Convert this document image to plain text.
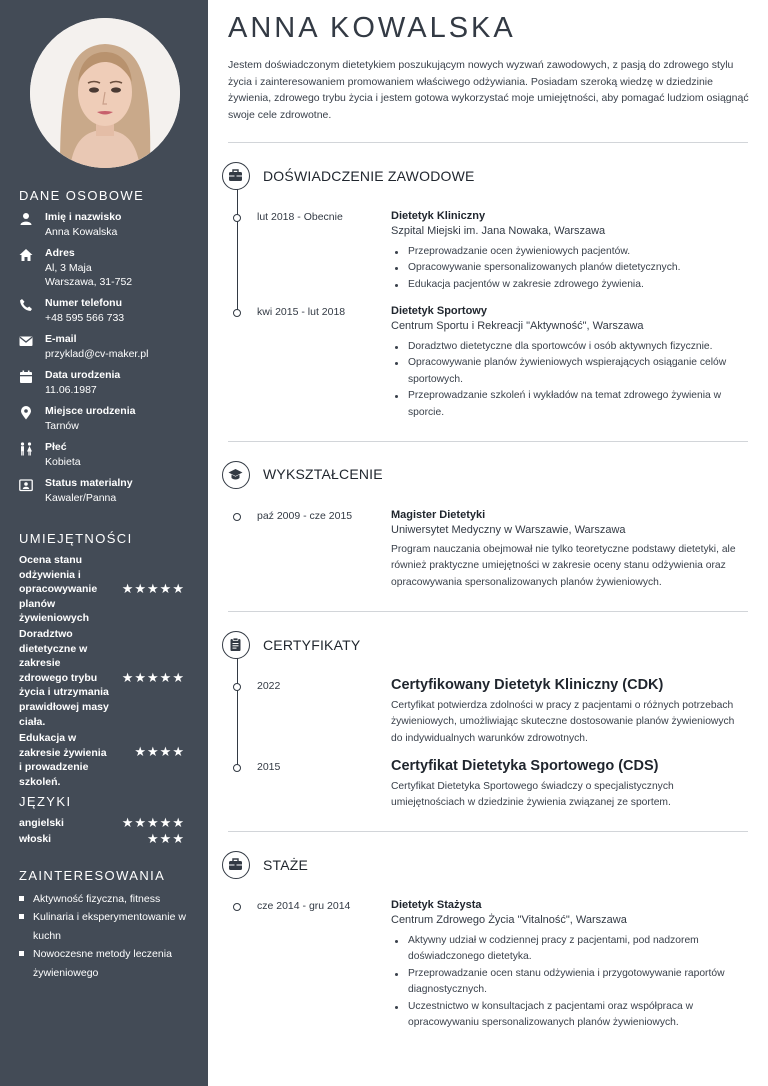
DANE OSOBOWE
Imię i nazwisko
Anna Kowalska
Adres
Al, 3 Maja
Warszawa, 31-752
Numer telefonu
+48 595 566 733
E-mail
przyklad@cv-maker.pl
Data urodzenia
11.06.1987
Miejsce urodzenia
Tarnów
Płeć
Kobieta
Status materialny
Kawaler/Panna
UMIEJĘTNOŚCI
Ocena stanu odżywienia i opracowywanie planów żywieniowych
★★★★★
Doradztwo dietetyczne w zakresie zdrowego trybu życia i utrzymania prawidłowej masy ciała.
★★★★★
Edukacja w zakresie żywienia i prowadzenie szkoleń.
★★★★
JĘZYKI
angielski	★★★★★
włoski	★★★
ZAINTERESOWANIA
Aktywność fizyczna, fitness
Kulinaria i eksperymentowanie w kuchn
Nowoczesne metody leczenia żywieniowego
ANNA KOWALSKA

Jestem doświadczonym dietetykiem poszukującym nowych wyzwań zawodowych, z pasją do zdrowego stylu życia i zainteresowaniem promowaniem właściwego odżywiania. Posiadam szeroką wiedzę w dziedzinie żywienia, zdrowego trybu życia i jestem gotowa wykorzystać moje umiejętności, aby pomagać ludziom osiągnąć swoje cele zdrowotne.

DOŚWIADCZENIE ZAWODOWE
lut 2018 - Obecnie	Dietetyk Kliniczny
Szpital Miejski im. Jana Nowaka, Warszawa
Przeprowadzanie ocen żywieniowych pacjentów.
Opracowywanie spersonalizowanych planów dietetycznych.
Edukacja pacjentów w zakresie zdrowego żywienia.
kwi 2015 - lut 2018	Dietetyk Sportowy
Centrum Sportu i Rekreacji "Aktywność", Warszawa
Doradztwo dietetyczne dla sportowców i osób aktywnych fizycznie.
Opracowywanie planów żywieniowych wspierających osiąganie celów sportowych.
Przeprowadzanie szkoleń i wykładów na temat zdrowego żywienia w sporcie.
WYKSZTAŁCENIE
paź 2009 - cze 2015	Magister Dietetyki
Uniwersytet Medyczny w Warszawie, Warszawa

Program nauczania obejmował nie tylko teoretyczne podstawy dietetyki, ale również praktyczne umiejętności w zakresie oceny stanu odżywienia oraz opracowywania spersonalizowanych planów żywieniowych.

CERTYFIKATY
2022	Certyfikowany Dietetyk Kliniczny (CDK)

Certyfikat potwierdza zdolności w pracy z pacjentami o różnych potrzebach żywieniowych, umożliwiając skuteczne dostosowanie planów żywieniowych do indywidualnych warunków zdrowotnych.

2015	Certyfikat Dietetyka Sportowego (CDS)

Certyfikat Dietetyka Sportowego świadczy o specjalistycznych umiejętnościach w dziedzinie żywienia związanej ze sportem.

STAŻE
cze 2014 - gru 2014	Dietetyk Stażysta
Centrum Zdrowego Życia "Vitalność", Warszawa
Aktywny udział w codziennej pracy z pacjentami, pod nadzorem doświadczonego dietetyka.
Przeprowadzanie ocen stanu odżywienia i przygotowywanie raportów diagnostycznych.
Uczestnictwo w konsultacjach z pacjentami oraz współpraca w opracowywaniu spersonalizowanych planów żywieniowych.
